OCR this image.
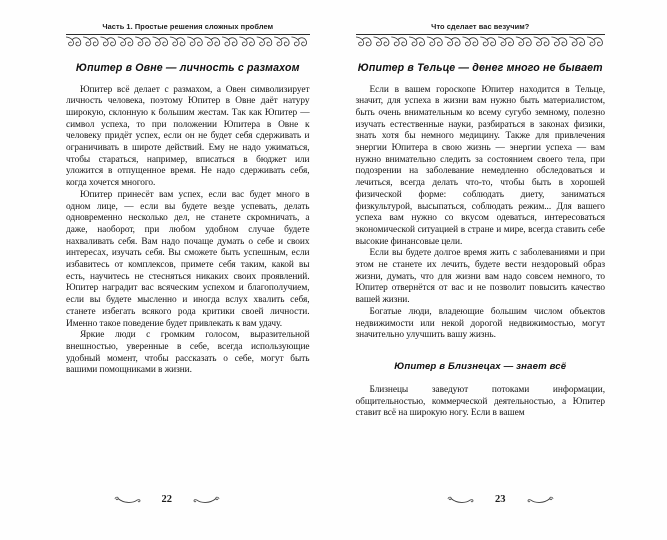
Часть 1. Простые решения сложных проблем
Юпитер в Овне — личность с размахом

Юпитер всё делает с размахом, а Овен символизирует личность человека, поэтому Юпитер в Овне даёт натуру широкую, склонную к большим жестам. Так как Юпитер — символ успеха, то при положении Юпитера в Овне к человеку придёт успех, если он не будет себя сдерживать и ограничивать в широте действий. Ему не надо ужиматься, чтобы стараться, например, вписаться в бюджет или уложится в отпущенное время. Не надо сдерживать себя, когда хочется многого.

Юпитер принесёт вам успех, если вас будет много в одном лице, — если вы будете везде успевать, делать одновременно несколько дел, не станете скромничать, а даже, наоборот, при любом удобном случае будете нахваливать себя. Вам надо почаще думать о себе и своих интересах, изучать себя. Вы сможете быть успешным, если избавитесь от комплексов, примете себя таким, какой вы есть, научитесь не стесняться никаких своих проявлений. Юпитер наградит вас всяческим успехом и благополучием, если вы будете мысленно и иногда вслух хвалить себя, станете избегать всякого рода критики своей личности. Именно такое поведение будет привлекать к вам удачу.

Яркие люди с громким голосом, выразительной внешностью, уверенные в себе, всегда использующие удобный момент, чтобы рассказать о себе, могут быть вашими помощниками в жизни.

22
Что сделает вас везучим?
Юпитер в Тельце — денег много не бывает

Если в вашем гороскопе Юпитер находится в Тельце, значит, для успеха в жизни вам нужно быть материалистом, быть очень внимательным ко всему сугубо земному, полезно изучать естественные науки, разбираться в законах физики, знать хотя бы немного медицину. Также для привлечения энергии Юпитера в свою жизнь — энергии успеха — вам нужно внимательно следить за состоянием своего тела, при подозрении на заболевание немедленно обследоваться и лечиться, всегда делать что-то, чтобы быть в хорошей физической форме: соблюдать диету, заниматься физкультурой, высыпаться, соблюдать режим... Для вашего успеха вам нужно со вкусом одеваться, интересоваться экономической ситуацией в стране и мире, всегда ставить себе высокие финансовые цели.

Если вы будете долгое время жить с заболеваниями и при этом не станете их лечить, будете вести нездоровый образ жизни, думать, что для жизни вам надо совсем немного, то Юпитер отвернётся от вас и не позволит повысить качество вашей жизни.

Богатые люди, владеющие большим числом объектов недвижимости или некой дорогой недвижимостью, могут значительно улучшить вашу жизнь.

Юпитер в Близнецах — знает всё

Близнецы заведуют потоками информации, общительностью, коммерческой деятельностью, а Юпитер ставит всё на широкую ногу. Если в вашем

23
